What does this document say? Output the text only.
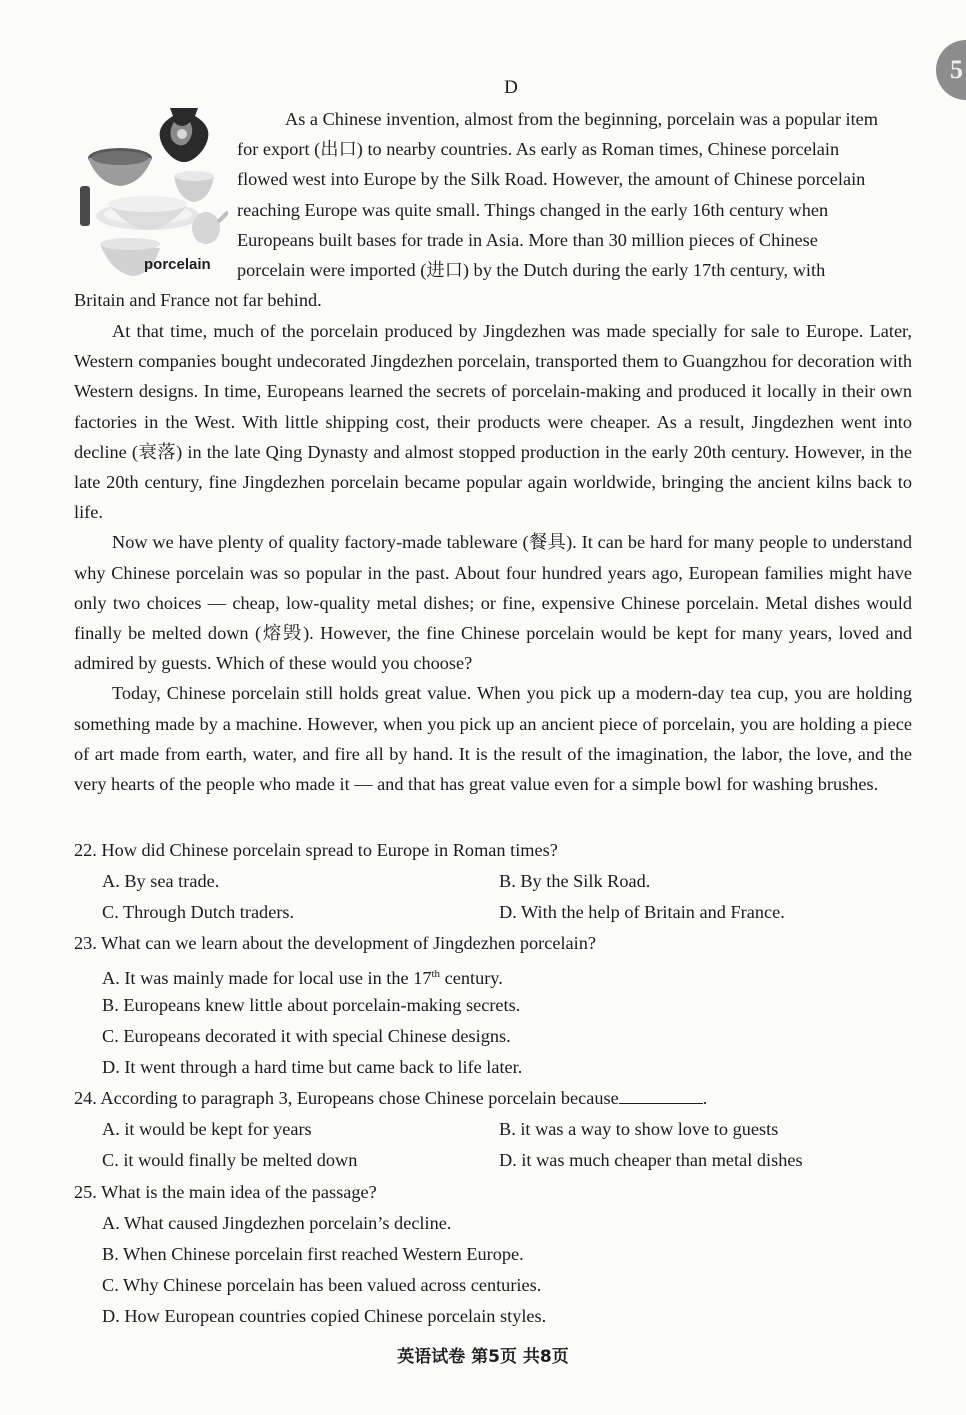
5
D
porcelain
As a Chinese invention, almost from the beginning, porcelain was a popular item
for export (出口) to nearby countries. As early as Roman times, Chinese porcelain
flowed west into Europe by the Silk Road. However, the amount of Chinese porcelain
reaching Europe was quite small. Things changed in the early 16th century when
Europeans built bases for trade in Asia. More than 30 million pieces of Chinese
porcelain were imported (进口) by the Dutch during the early 17th century, with
Britain and France not far behind.

At that time, much of the porcelain produced by Jingdezhen was made specially for sale to Europe. Later, Western companies bought undecorated Jingdezhen porcelain, transported them to Guangzhou for decoration with Western designs. In time, Europeans learned the secrets of porcelain-making and produced it locally in their own factories in the West. With little shipping cost, their products were cheaper. As a result, Jingdezhen went into decline (衰落) in the late Qing Dynasty and almost stopped production in the early 20th century. However, in the late 20th century, fine Jingdezhen porcelain became popular again worldwide, bringing the ancient kilns back to life.

Now we have plenty of quality factory-made tableware (餐具). It can be hard for many people to understand why Chinese porcelain was so popular in the past. About four hundred years ago, European families might have only two choices — cheap, low-quality metal dishes; or fine, expensive Chinese porcelain. Metal dishes would finally be melted down (熔毁). However, the fine Chinese porcelain would be kept for many years, loved and admired by guests. Which of these would you choose?

Today, Chinese porcelain still holds great value. When you pick up a modern-day tea cup, you are holding something made by a machine. However, when you pick up an ancient piece of porcelain, you are holding a piece of art made from earth, water, and fire all by hand. It is the result of the imagination, the labor, the love, and the very hearts of the people who made it — and that has great value even for a simple bowl for washing brushes.

22. How did Chinese porcelain spread to Europe in Roman times?
A. By sea trade.	B. By the Silk Road.
C. Through Dutch traders.	D. With the help of Britain and France.
23. What can we learn about the development of Jingdezhen porcelain?
A. It was mainly made for local use in the 17th century.
B. Europeans knew little about porcelain-making secrets.
C. Europeans decorated it with special Chinese designs.
D. It went through a hard time but came back to life later.
24. According to paragraph 3, Europeans chose Chinese porcelain because	.
A. it would be kept for years	B. it was a way to show love to guests
C. it would finally be melted down	D. it was much cheaper than metal dishes
25. What is the main idea of the passage?
A. What caused Jingdezhen porcelain’s decline.
B. When Chinese porcelain first reached Western Europe.
C. Why Chinese porcelain has been valued across centuries.
D. How European countries copied Chinese porcelain styles.
英语试卷 第5页 共8页
